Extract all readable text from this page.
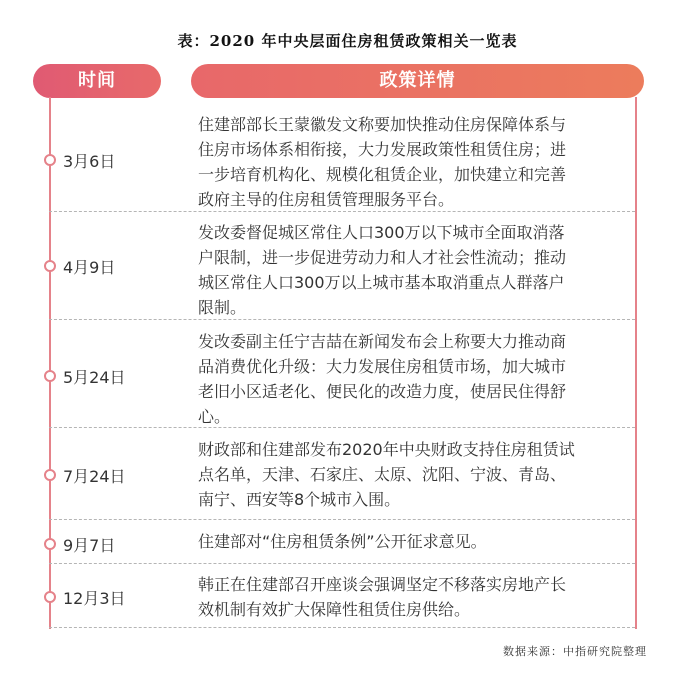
表：2020 年中央层面住房租赁政策相关一览表
时间	政策详情
3月6日
住建部部长王蒙徽发文称要加快推动住房保障体系与
住房市场体系相衔接，大力发展政策性租赁住房；进
一步培育机构化、规模化租赁企业，加快建立和完善
政府主导的住房租赁管理服务平台。
4月9日
发改委督促城区常住人口300万以下城市全面取消落
户限制，进一步促进劳动力和人才社会性流动；推动
城区常住人口300万以上城市基本取消重点人群落户
限制。
5月24日
发改委副主任宁吉喆在新闻发布会上称要大力推动商
品消费优化升级：大力发展住房租赁市场，加大城市
老旧小区适老化、便民化的改造力度，使居民住得舒
心。
7月24日
财政部和住建部发布2020年中央财政支持住房租赁试
点名单，天津、石家庄、太原、沈阳、宁波、青岛、
南宁、西安等8个城市入围。
9月7日	住建部对“住房租赁条例”公开征求意见。
12月3日
韩正在住建部召开座谈会强调坚定不移落实房地产长
效机制有效扩大保障性租赁住房供给。
数据来源：中指研究院整理
